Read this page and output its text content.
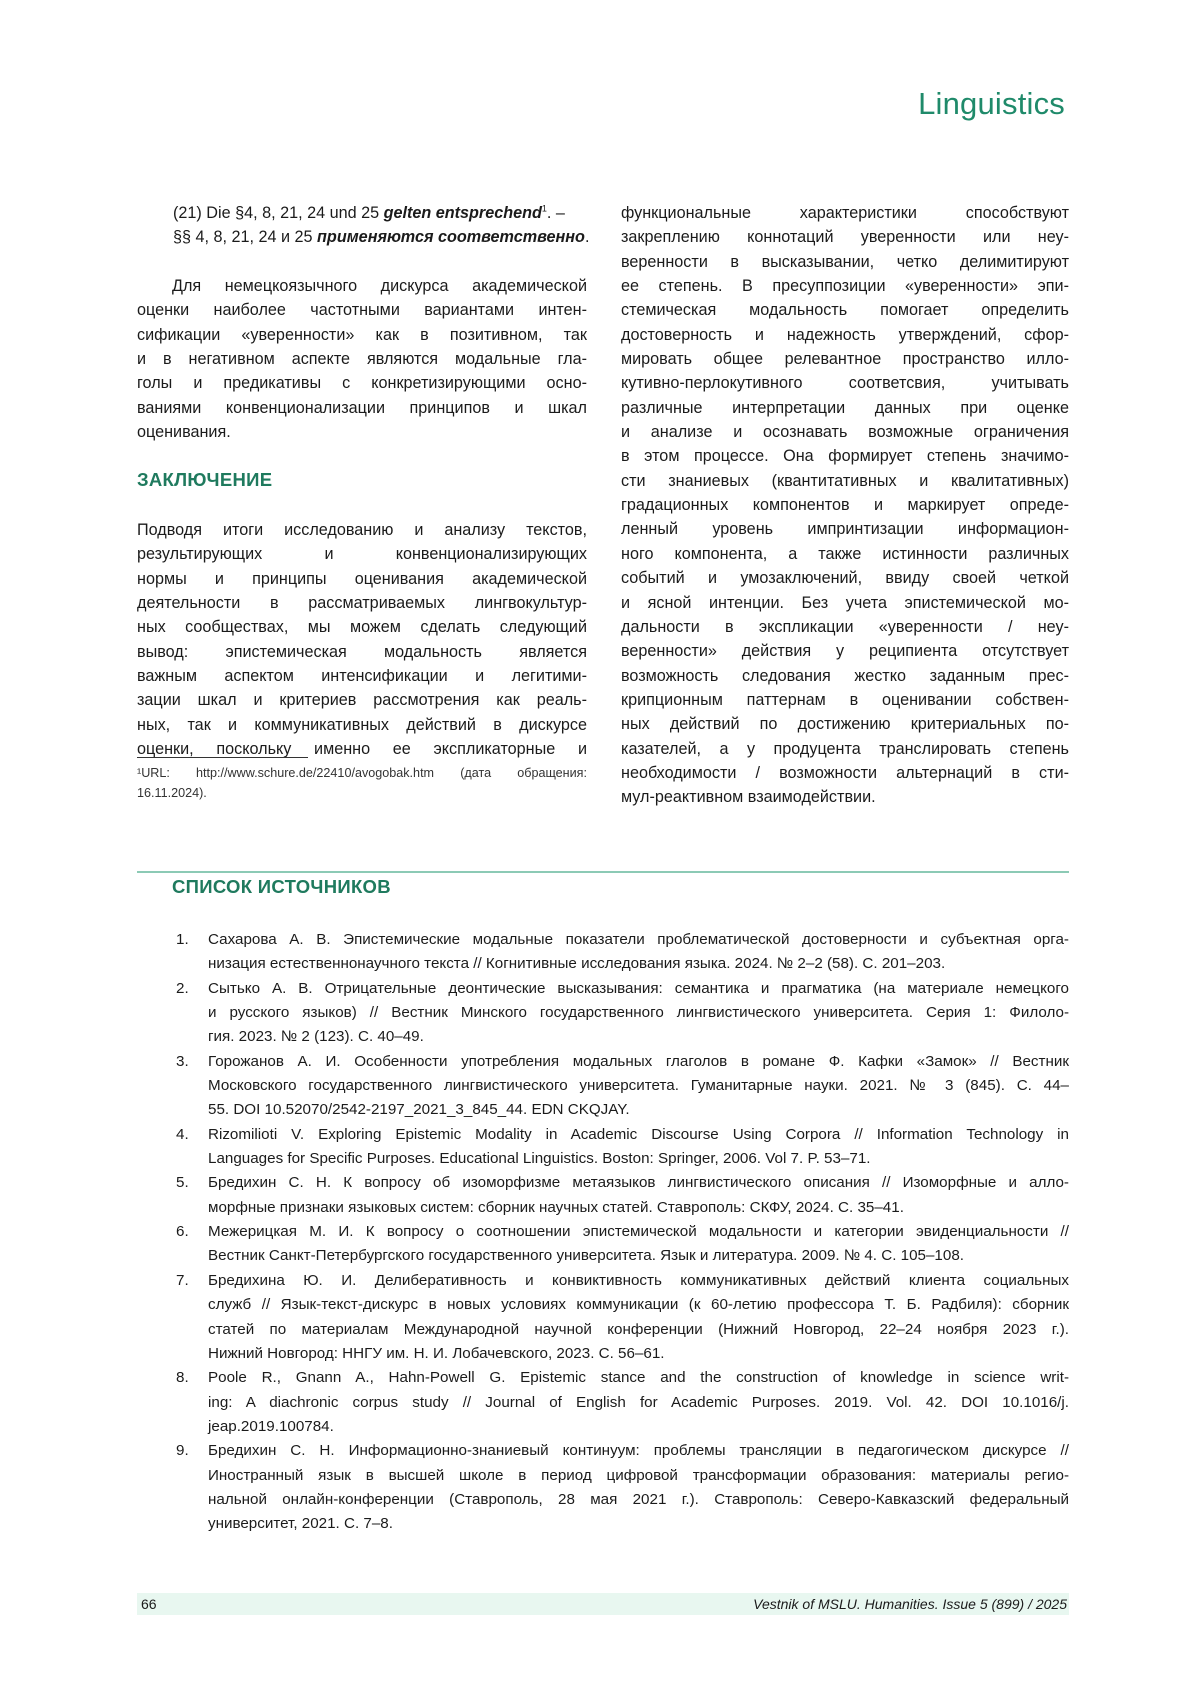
Linguistics
(21) Die §4, 8, 21, 24 und 25 gelten entsprechend1. –
§§ 4, 8, 21, 24 и 25 применяются соответственно.
Для немецкоязычного дискурса академической
оценки наиболее частотными вариантами интен-
сификации «уверенности» как в позитивном, так
и в негативном аспекте являются модальные гла-
голы и предикативы с конкретизирующими осно-
ваниями конвенционализации принципов и шкал
оценивания.
ЗАКЛЮЧЕНИЕ
Подводя итоги исследованию и анализу текстов,
результирующих и конвенционализирующих
нормы и принципы оценивания академической
деятельности в рассматриваемых лингвокультур-
ных сообществах, мы можем сделать следующий
вывод: эпистемическая модальность является
важным аспектом интенсификации и легитими-
зации шкал и критериев рассмотрения как реаль-
ных, так и коммуникативных действий в дискурсе
оценки, поскольку именно ее экспликаторные и
¹URL: http://www.schure.de/22410/avogobak.htm (дата обращения:
16.11.2024).
функциональные характеристики способствуют
закреплению коннотаций уверенности или неу-
веренности в высказывании, четко делимитируют
ее степень. В пресуппозиции «уверенности» эпи-
стемическая модальность помогает определить
достоверность и надежность утверждений, сфор-
мировать общее релевантное пространство илло-
кутивно-перлокутивного соответсвия, учитывать
различные интерпретации данных при оценке
и анализе и осознавать возможные ограничения
в этом процессе. Она формирует степень значимо-
сти знаниевых (квантитативных и квалитативных)
градационных компонентов и маркирует опреде-
ленный уровень импринтизации информацион-
ного компонента, а также истинности различных
событий и умозаключений, ввиду своей четкой
и ясной интенции. Без учета эпистемической мо-
дальности в экспликации «уверенности / неу-
веренности» действия у реципиента отсутствует
возможность следования жестко заданным прес-
крипционным паттернам в оценивании собствен-
ных действий по достижению критериальных по-
казателей, а у продуцента транслировать степень
необходимости / возможности альтернаций в сти-
мул-реактивном взаимодействии.
СПИСОК ИСТОЧНИКОВ
1. Сахарова А. В. Эпистемические модальные показатели проблематической достоверности и субъектная орга-
низация естественнонаучного текста // Когнитивные исследования языка. 2024. № 2–2 (58). С. 201–203.
2. Сытько А. В. Отрицательные деонтические высказывания: семантика и прагматика (на материале немецкого
и русского языков) // Вестник Минского государственного лингвистического университета. Серия 1: Филоло-
гия. 2023. № 2 (123). С. 40–49.
3. Горожанов А. И. Особенности употребления модальных глаголов в романе Ф. Кафки «Замок» // Вестник
Московского государственного лингвистического университета. Гуманитарные науки. 2021. № 3 (845). С. 44–
55. DOI 10.52070/2542-2197_2021_3_845_44. EDN CKQJAY.
4. Rizomilioti V. Exploring Epistemic Modality in Academic Discourse Using Corpora // Information Technology in
Languages for Specific Purposes. Educational Linguistics. Boston: Springer, 2006. Vol 7. P. 53–71.
5. Бредихин С. Н. К вопросу об изоморфизме метаязыков лингвистического описания // Изоморфные и алло-
морфные признаки языковых систем: сборник научных статей. Ставрополь: СКФУ, 2024. С. 35–41.
6. Межерицкая М. И. К вопросу о соотношении эпистемической модальности и категории эвиденциальности //
Вестник Санкт-Петербургского государственного университета. Язык и литература. 2009. № 4. С. 105–108.
7. Бредихина Ю. И. Делиберативность и конвиктивность коммуникативных действий клиента социальных
служб // Язык-текст-дискурс в новых условиях коммуникации (к 60-летию профессора Т. Б. Радбиля): сборник
статей по материалам Международной научной конференции (Нижний Новгород, 22–24 ноября 2023 г.).
Нижний Новгород: ННГУ им. Н. И. Лобачевского, 2023. С. 56–61.
8. Poole R., Gnann A., Hahn-Powell G. Epistemic stance and the construction of knowledge in science writ-
ing: A diachronic corpus study // Journal of English for Academic Purposes. 2019. Vol. 42. DOI 10.1016/j.
jeap.2019.100784.
9. Бредихин С. Н. Информационно-знаниевый континуум: проблемы трансляции в педагогическом дискурсе //
Иностранный язык в высшей школе в период цифровой трансформации образования: материалы регио-
нальной онлайн-конференции (Ставрополь, 28 мая 2021 г.). Ставрополь: Северо-Кавказский федеральный
университет, 2021. С. 7–8.
66	Vestnik of MSLU. Humanities. Issue 5 (899) / 2025
